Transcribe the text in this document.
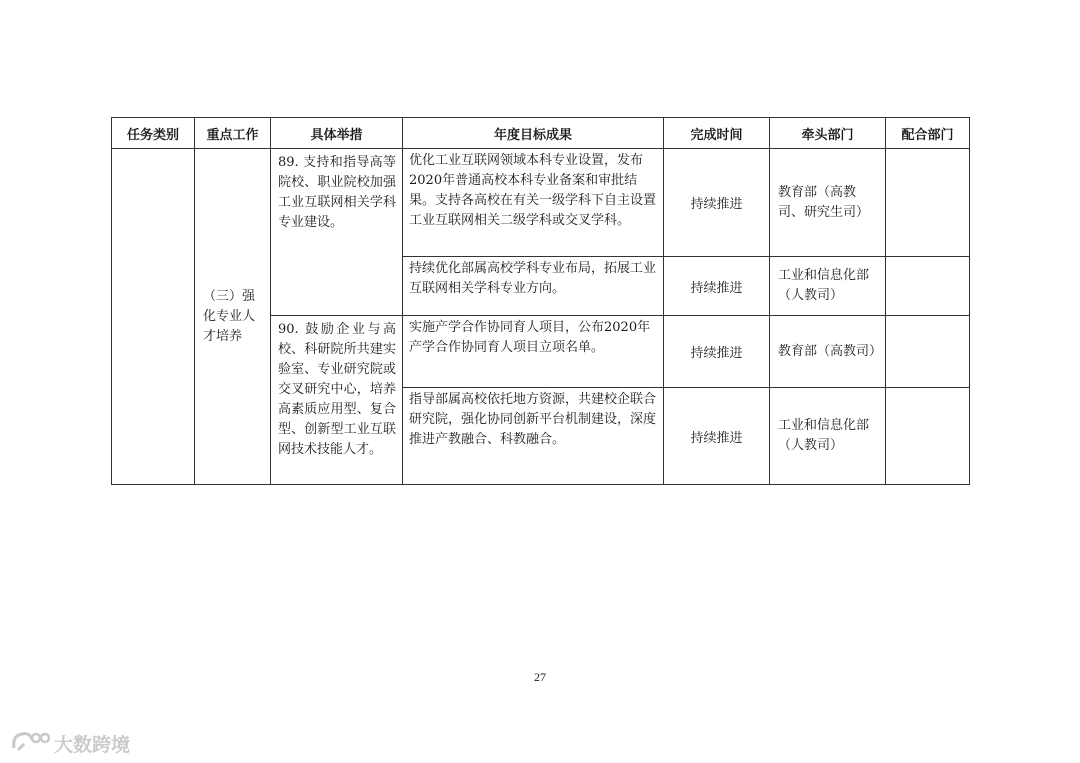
任务类别	重点工作	具体举措	年度目标成果	完成时间	牵头部门	配合部门

	（三）强化专业人才培养	89. 支持和指导高等院校、职业院校加强工业互联网相关学科专业建设。	优化工业互联网领域本科专业设置，发布2020年普通高校本科专业备案和审批结果。支持各高校在有关一级学科下自主设置工业互联网相关二级学科或交叉学科。	持续推进	教育部（高教司、研究生司）	

			持续优化部属高校学科专业布局，拓展工业互联网相关学科专业方向。	持续推进	工业和信息化部（人教司）	

		90. 鼓励企业与高校、科研院所共建实验室、专业研究院或交叉研究中心，培养高素质应用型、复合型、创新型工业互联网技术技能人才。	实施产学合作协同育人项目，公布2020年产学合作协同育人项目立项名单。	持续推进	教育部（高教司）	

			指导部属高校依托地方资源，共建校企联合研究院，强化协同创新平台机制建设，深度推进产教融合、科教融合。	持续推进	工业和信息化部（人教司）	

27
大数跨境
